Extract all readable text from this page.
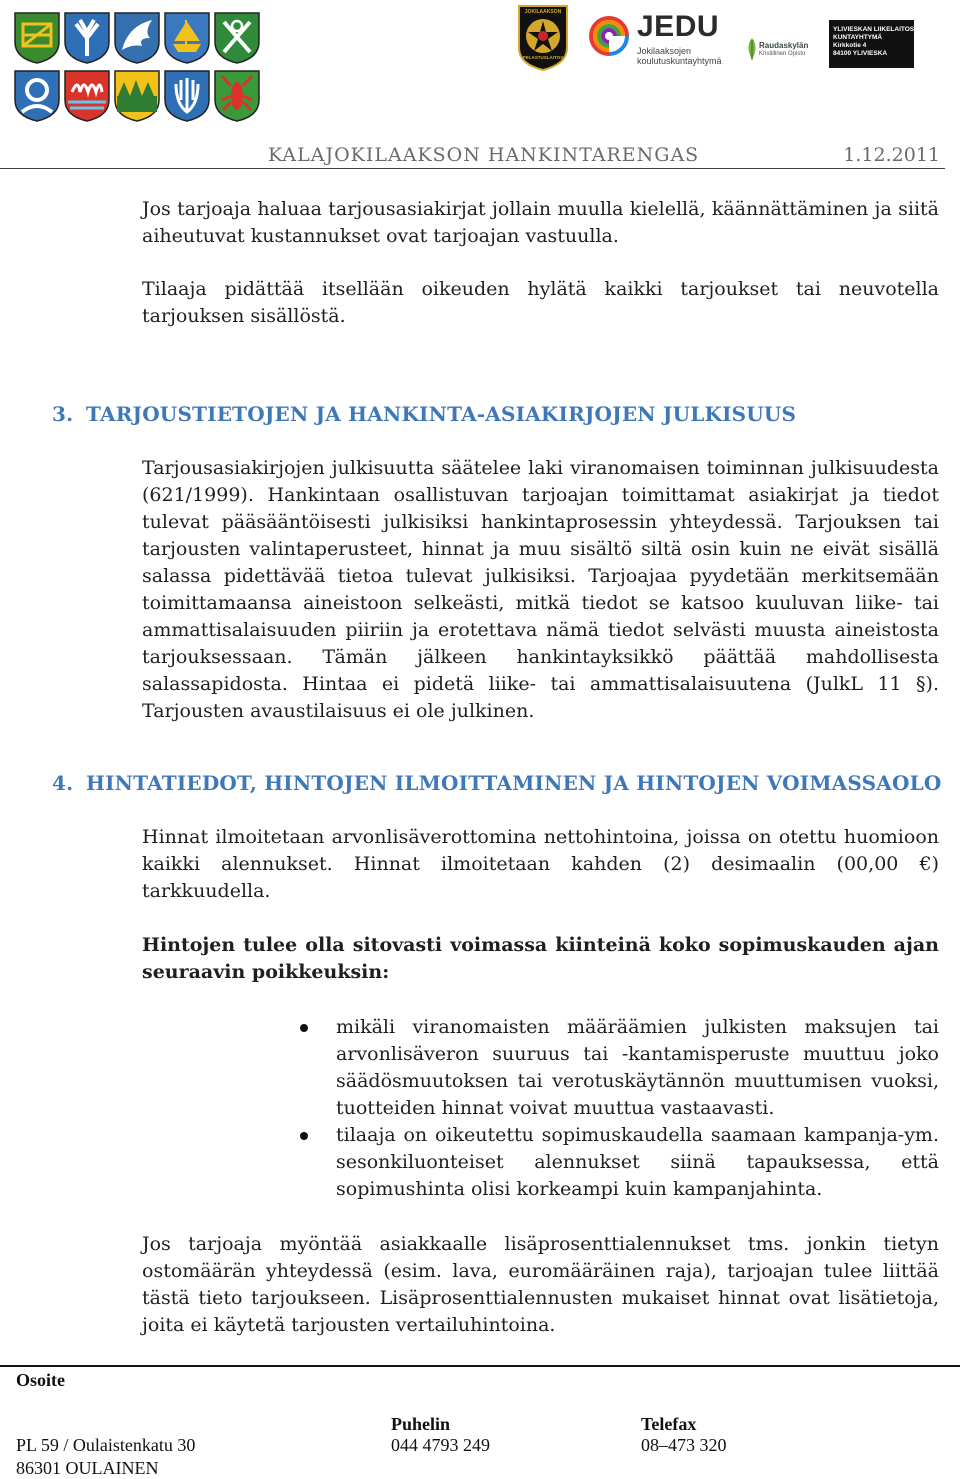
JOKILAAKSON
PELASTUSLAITOS
JEDU
Jokilaaksojen koulutuskuntayhtymä
Raudaskylän
Kristillinen Opisto
YLIVIESKAN LIIKELAITOS-
KUNTAYHTYMÄ
Kirkkotie 4
84100 YLIVIESKA
KALAJOKILAAKSON HANKINTARENGAS	1.12.2011

Jos tarjoaja haluaa tarjousasiakirjat jollain muulla kielellä, käännättäminen ja siitä aiheutuvat kustannukset ovat tarjoajan vastuulla.

Tilaaja pidättää itsellään oikeuden hylätä kaikki tarjoukset tai neuvotella tarjouksen sisällöstä.

3. TARJOUSTIETOJEN JA HANKINTA-ASIAKIRJOJEN JULKISUUS

Tarjousasiakirjojen julkisuutta säätelee laki viranomaisen toiminnan julkisuudesta (621/1999). Hankintaan osallistuvan tarjoajan toimittamat asiakirjat ja tiedot tulevat pääsääntöisesti julkisiksi hankintaprosessin yhteydessä. Tarjouksen tai tarjousten valintaperusteet, hinnat ja muu sisältö siltä osin kuin ne eivät sisällä salassa pidettävää tietoa tulevat julkisiksi. Tarjoajaa pyydetään merkitsemään toimittamaansa aineistoon selkeästi, mitkä tiedot se katsoo kuuluvan liike- tai ammattisalaisuuden piiriin ja erotettava nämä tiedot selvästi muusta aineistosta tarjouksessaan. Tämän jälkeen hankintayksikkö päättää mahdollisesta salassapidosta. Hintaa ei pidetä liike- tai ammattisalaisuutena (JulkL 11 §). Tarjousten avaustilaisuus ei ole julkinen.

4. HINTATIEDOT, HINTOJEN ILMOITTAMINEN JA HINTOJEN VOIMASSAOLO

Hinnat ilmoitetaan arvonlisäverottomina nettohintoina, joissa on otettu huomioon kaikki alennukset. Hinnat ilmoitetaan kahden (2) desimaalin (00,00 €) tarkkuudella.

Hintojen tulee olla sitovasti voimassa kiinteinä koko sopimuskauden ajan seuraavin poikkeuksin:

mikäli viranomaisten määräämien julkisten maksujen tai arvonlisäveron suuruus tai -kantamisperuste muuttuu joko säädösmuutoksen tai verotuskäytännön muuttumisen vuoksi, tuotteiden hinnat voivat muuttua vastaavasti.
tilaaja on oikeutettu sopimuskaudella saamaan kampanja-ym. sesonkiluonteiset alennukset siinä tapauksessa, että sopimushinta olisi korkeampi kuin kampanjahinta.

Jos tarjoaja myöntää asiakkaalle lisäprosenttialennukset tms. jonkin tietyn ostomäärän yhteydessä (esim. lava, euromääräinen raja), tarjoajan tulee liittää tästä tieto tarjoukseen. Lisäprosenttialennusten mukaiset hinnat ovat lisätietoja, joita ei käytetä tarjousten vertailuhintoina.

Osoite
PL 59 / Oulaistenkatu 30
86301 OULAINEN
Puhelin
044 4793 249
Telefax
08–473 320
